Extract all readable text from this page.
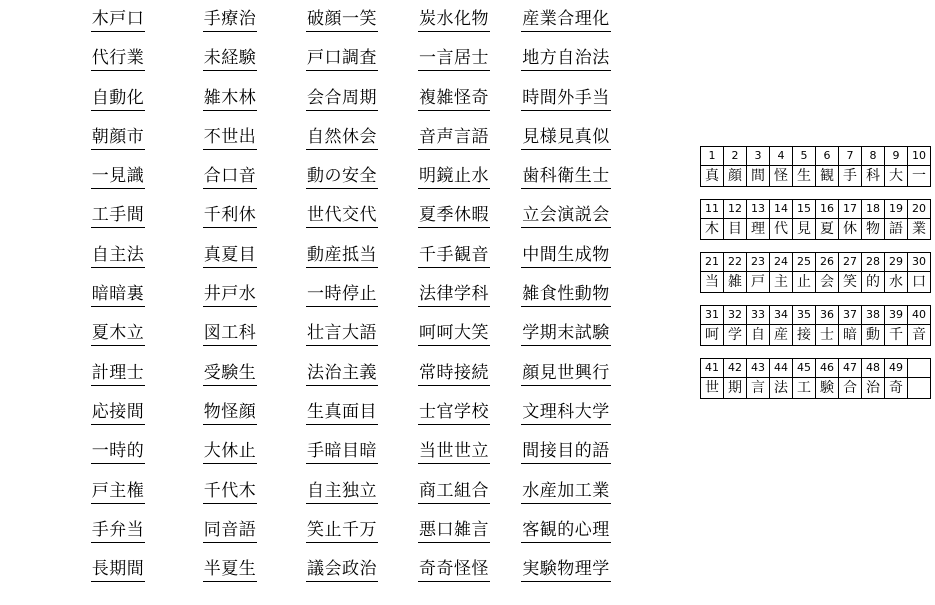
木戸口	手療治	破顔一笑	炭水化物	産業合理化
代行業	未経験	戸口調査	一言居士	地方自治法
自動化	雑木林	会合周期	複雑怪奇	時間外手当
朝顔市	不世出	自然休会	音声言語	見様見真似
一見識	合口音	動の安全	明鏡止水	歯科衛生士
工手間	千利休	世代交代	夏季休暇	立会演説会
自主法	真夏目	動産抵当	千手観音	中間生成物
暗暗裏	井戸水	一時停止	法律学科	雑食性動物
夏木立	図工科	壮言大語	呵呵大笑	学期末試験
計理士	受験生	法治主義	常時接続	顔見世興行
応接間	物怪顔	生真面目	士官学校	文理科大学
一時的	大休止	手暗目暗	当世世立	間接目的語
戸主権	千代木	自主独立	商工組合	水産加工業
手弁当	同音語	笑止千万	悪口雑言	客観的心理
長期間	半夏生	議会政治	奇奇怪怪	実験物理学
1	2	3	4	5	6	7	8	9	10
真	顔	間	怪	生	観	手	科	大	一
11	12	13	14	15	16	17	18	19	20
木	目	理	代	見	夏	休	物	語	業
21	22	23	24	25	26	27	28	29	30
当	雑	戸	主	止	会	笑	的	水	口
31	32	33	34	35	36	37	38	39	40
呵	学	自	産	接	士	暗	動	千	音
41	42	43	44	45	46	47	48	49	
世	期	言	法	工	験	合	治	奇	
